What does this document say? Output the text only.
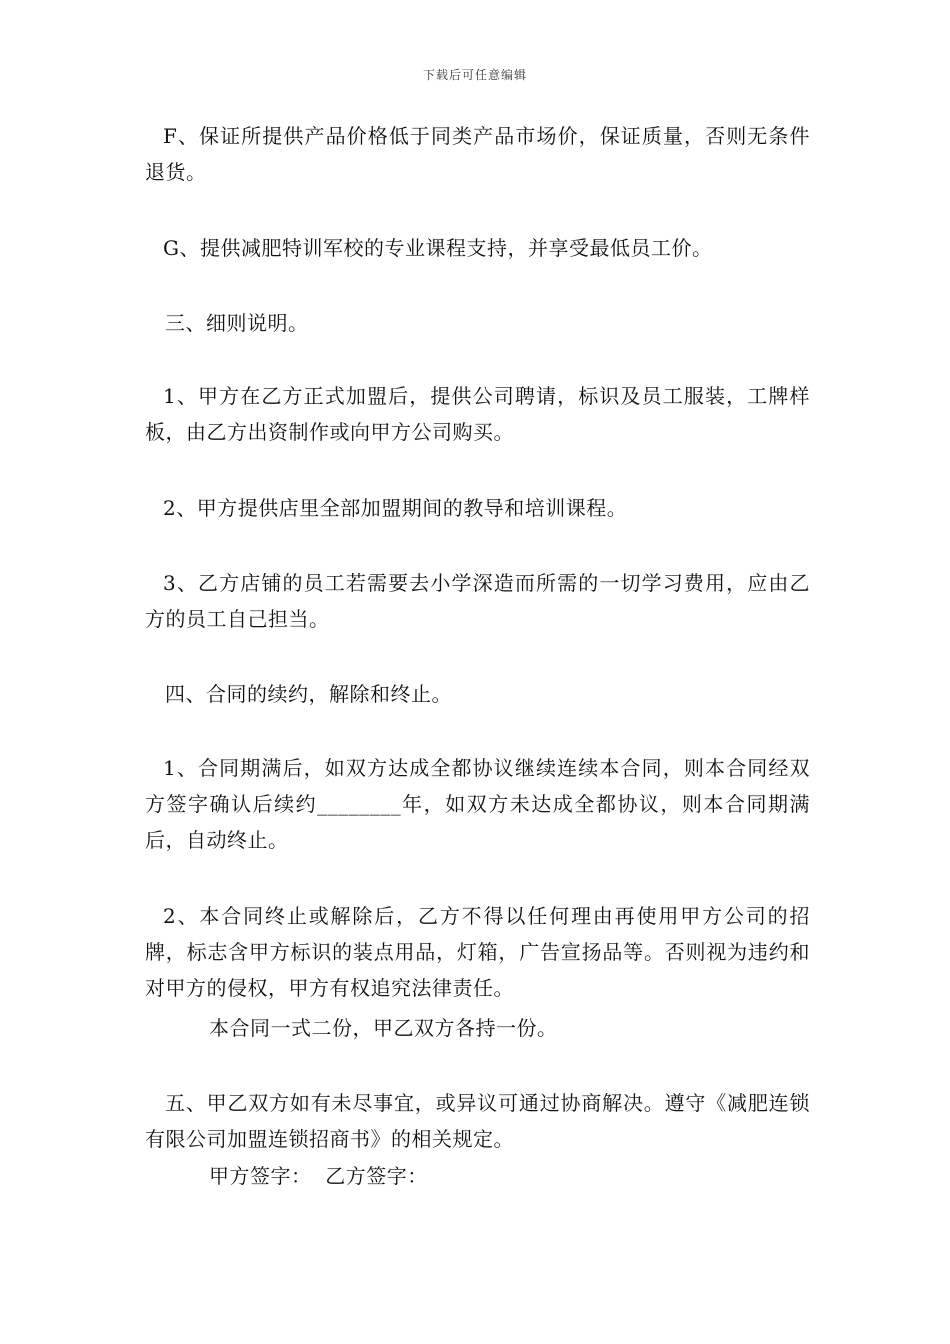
下载后可任意编辑

F、保证所提供产品价格低于同类产品市场价，保证质量，否则无条件退货。

G、提供减肥特训军校的专业课程支持，并享受最低员工价。

三、细则说明。

1、甲方在乙方正式加盟后，提供公司聘请，标识及员工服装，工牌样板，由乙方出资制作或向甲方公司购买。

2、甲方提供店里全部加盟期间的教导和培训课程。

3、乙方店铺的员工若需要去小学深造而所需的一切学习费用，应由乙方的员工自己担当。

四、合同的续约，解除和终止。

1、合同期满后，如双方达成全都协议继续连续本合同，则本合同经双方签字确认后续约________年，如双方未达成全都协议，则本合同期满后，自动终止。

2、本合同终止或解除后，乙方不得以任何理由再使用甲方公司的招牌，标志含甲方标识的装点用品，灯箱，广告宣扬品等。否则视为违约和对甲方的侵权，甲方有权追究法律责任。

本合同一式二份，甲乙双方各持一份。

五、甲乙双方如有未尽事宜，或异议可通过协商解决。遵守《减肥连锁有限公司加盟连锁招商书》的相关规定。

甲方签字：  乙方签字：
